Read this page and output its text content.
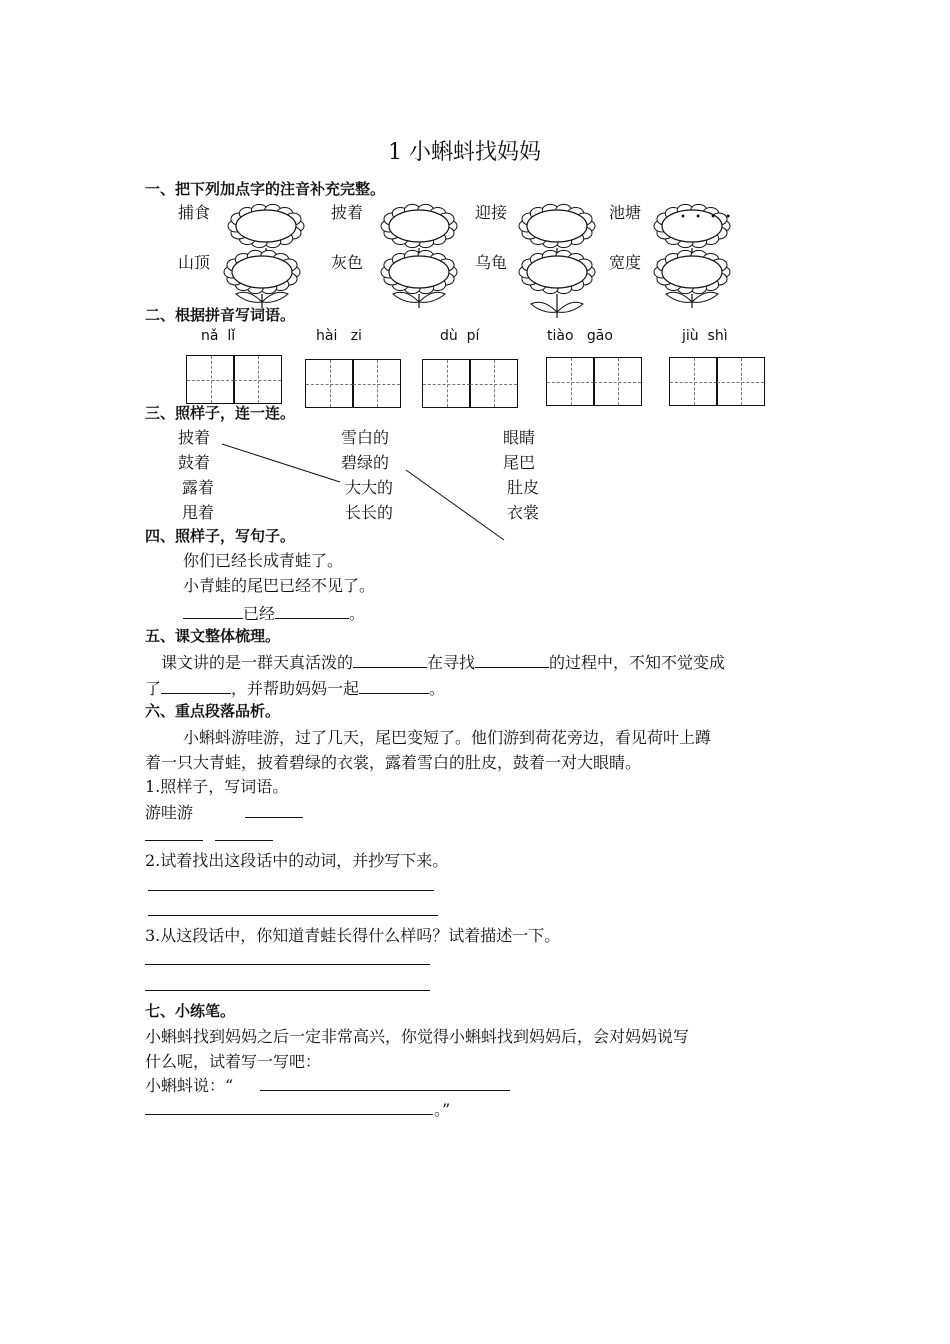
1 小蝌蚪找妈妈
一、把下列加点字的注音补充完整。
捕食	披着	迎接	池塘
山顶	灰色	乌龟	宽度
• • • •
二、根据拼音写词语。
nǎ  lǐ	hài   zi	dù  pí	tiào   gāo	jiù  shì
三、照样子，连一连。
披着
鼓着
露着
甩着
雪白的
碧绿的
大大的
长长的
眼睛
尾巴
肚皮
衣裳
四、照样子，写句子。
你们已经长成青蛙了。
小青蛙的尾巴已经不见了。
已经	。
五、课文整体梳理。
课文讲的是一群天真活泼的	在寻找	的过程中，不知不觉变成
了	，并帮助妈妈一起	。
六、重点段落品析。
小蝌蚪游哇游，过了几天，尾巴变短了。他们游到荷花旁边，看见荷叶上蹲
着一只大青蛙，披着碧绿的衣裳，露着雪白的肚皮，鼓着一对大眼睛。
1.照样子，写词语。
游哇游
2.试着找出这段话中的动词，并抄写下来。
3.从这段话中，你知道青蛙长得什么样吗？试着描述一下。
七、小练笔。
小蝌蚪找到妈妈之后一定非常高兴，你觉得小蝌蚪找到妈妈后，会对妈妈说写
什么呢，试着写一写吧：
小蝌蚪说：“
。”
